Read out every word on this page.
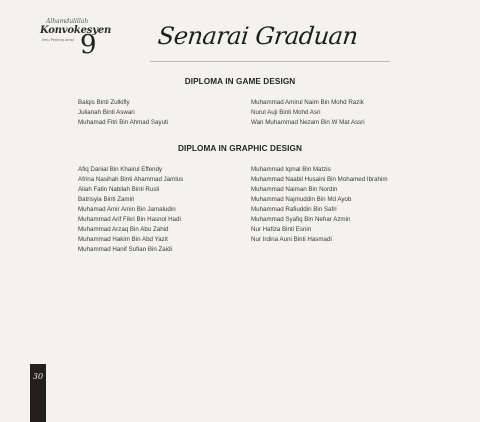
Alhamdulillah
Konvokesyen
Ilmu Penting Amal 9 Senarai Graduan
DIPLOMA IN GAME DESIGN
Balqis Binti Zulkifly
Julianah Binti Aswari
Muhamad Fitri Bin Ahmad Sayuti
Muhammad Amirul Naim Bin Mohd Razik
Nurul Auji Binti Mohd Asri
Wan Muhammad Nezam Bin W Mat Assri
DIPLOMA IN GRAPHIC DESIGN
Afiq Danial Bin Khairul Effendy
Afrina Nasihah Binti Ahammad Jamlus
Aliah Fatin Nabilah Binti Rusli
Batrisyia Binti Zamiri
Muhamad Amir Amin Bin Jamaludin
Muhammad Arif Fikri Bin Hasnol Hadi
Muhammad Arzaq Bin Abu Zahid
Muhammad Hakim Bin Abd Yazit
Muhammad Hanif Sufian Bin Zaidi
Muhammad Iqmal Bin Matzis
Muhammad Naabil Husaini Bin Mohamed Ibrahim
Muhammad Naiman Bin Nordin
Muhammad Najmuddin Bin Md Ayob
Muhammad Rafiuddin Bin Safri
Muhammad Syafiq Bin Nehar Azmin
Nur Hafiza Binti Esnin
Nur Irdina Auni Binti Hasmadi
30
